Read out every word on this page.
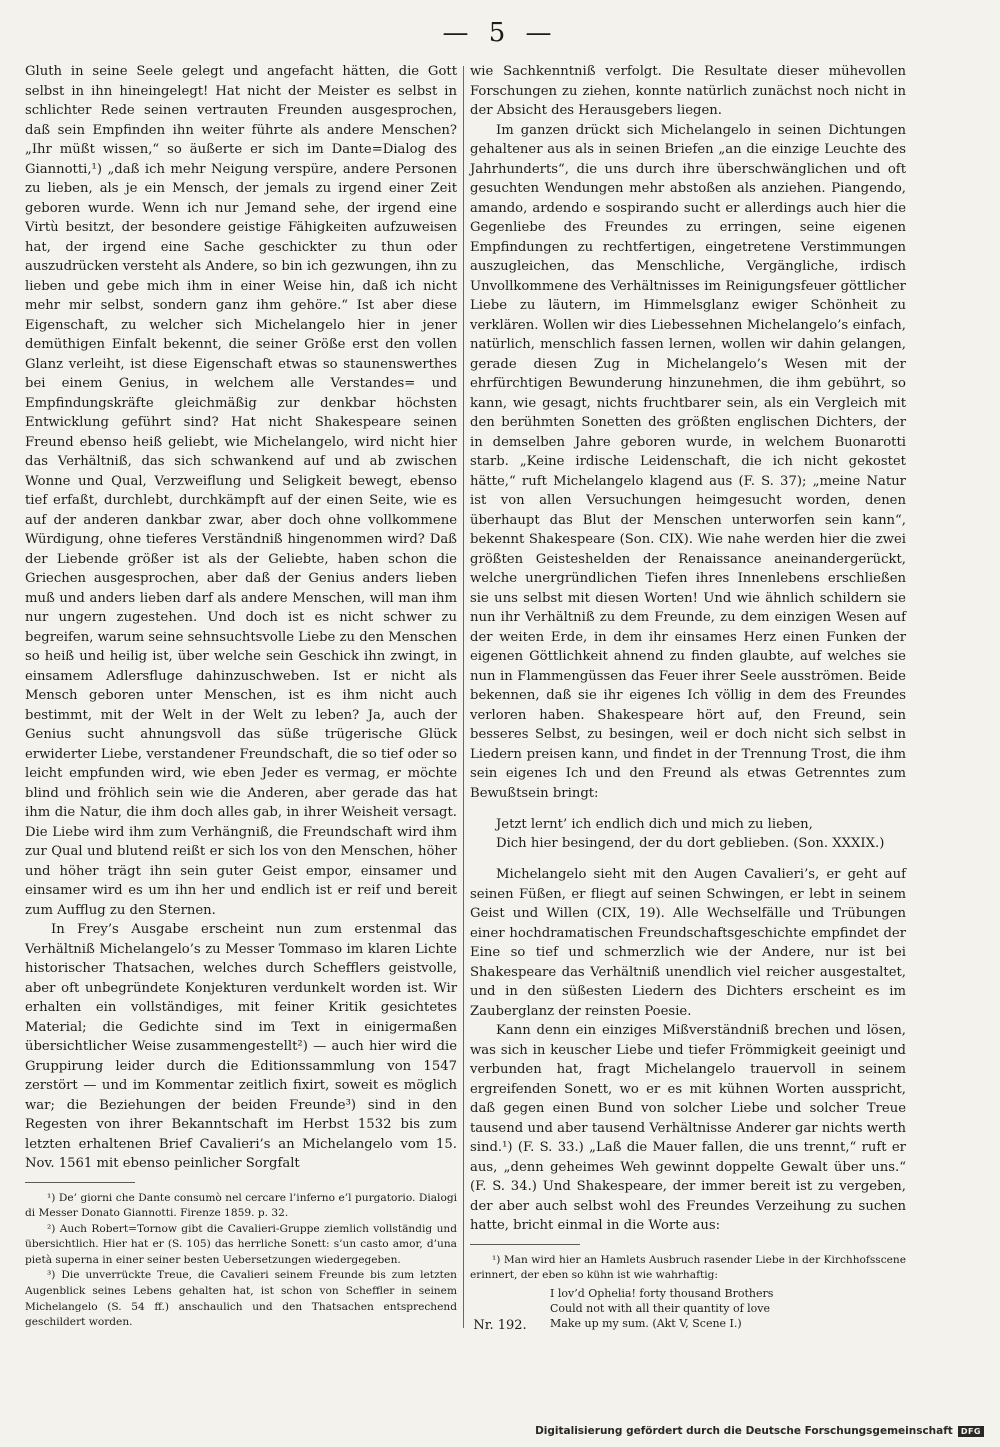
— 5 —

Gluth in seine Seele gelegt und angefacht hätten, die Gott selbst in ihn hineingelegt! Hat nicht der Meister es selbst in schlichter Rede seinen vertrauten Freunden ausgesprochen, daß sein Empfinden ihn weiter führte als andere Menschen? „Ihr müßt wissen,“ so äußerte er sich im Dante=Dialog des Giannotti,¹) „daß ich mehr Neigung verspüre, andere Personen zu lieben, als je ein Mensch, der jemals zu irgend einer Zeit geboren wurde. Wenn ich nur Jemand sehe, der irgend eine Virtù besitzt, der besondere geistige Fähigkeiten aufzuweisen hat, der irgend eine Sache geschickter zu thun oder auszudrücken versteht als Andere, so bin ich gezwungen, ihn zu lieben und gebe mich ihm in einer Weise hin, daß ich nicht mehr mir selbst, sondern ganz ihm gehöre.“ Ist aber diese Eigenschaft, zu welcher sich Michelangelo hier in jener demüthigen Einfalt bekennt, die seiner Größe erst den vollen Glanz verleiht, ist diese Eigenschaft etwas so staunenswerthes bei einem Genius, in welchem alle Verstandes= und Empfindungskräfte gleichmäßig zur denkbar höchsten Entwicklung geführt sind? Hat nicht Shakespeare seinen Freund ebenso heiß geliebt, wie Michelangelo, wird nicht hier das Verhältniß, das sich schwankend auf und ab zwischen Wonne und Qual, Verzweiflung und Seligkeit bewegt, ebenso tief erfaßt, durchlebt, durchkämpft auf der einen Seite, wie es auf der anderen dankbar zwar, aber doch ohne vollkommene Würdigung, ohne tieferes Verständniß hingenommen wird? Daß der Liebende größer ist als der Geliebte, haben schon die Griechen ausgesprochen, aber daß der Genius anders lieben muß und anders lieben darf als andere Menschen, will man ihm nur ungern zugestehen. Und doch ist es nicht schwer zu begreifen, warum seine sehnsuchtsvolle Liebe zu den Menschen so heiß und heilig ist, über welche sein Geschick ihn zwingt, in einsamem Adlersfluge dahinzuschweben. Ist er nicht als Mensch geboren unter Menschen, ist es ihm nicht auch bestimmt, mit der Welt in der Welt zu leben? Ja, auch der Genius sucht ahnungsvoll das süße trügerische Glück erwiderter Liebe, verstandener Freundschaft, die so tief oder so leicht empfunden wird, wie eben Jeder es vermag, er möchte blind und fröhlich sein wie die Anderen, aber gerade das hat ihm die Natur, die ihm doch alles gab, in ihrer Weisheit versagt. Die Liebe wird ihm zum Verhängniß, die Freundschaft wird ihm zur Qual und blutend reißt er sich los von den Menschen, höher und höher trägt ihn sein guter Geist empor, einsamer und einsamer wird es um ihn her und endlich ist er reif und bereit zum Aufflug zu den Sternen.

In Frey’s Ausgabe erscheint nun zum erstenmal das Verhältniß Michelangelo’s zu Messer Tommaso im klaren Lichte historischer Thatsachen, welches durch Schefflers geistvolle, aber oft unbegründete Konjekturen verdunkelt worden ist. Wir erhalten ein vollständiges, mit feiner Kritik gesichtetes Material; die Gedichte sind im Text in einigermaßen übersichtlicher Weise zusammengestellt²) — auch hier wird die Gruppirung leider durch die Editionssammlung von 1547 zerstört — und im Kommentar zeitlich fixirt, soweit es möglich war; die Beziehungen der beiden Freunde³) sind in den Regesten von ihrer Bekanntschaft im Herbst 1532 bis zum letzten erhaltenen Brief Cavalieri’s an Michelangelo vom 15. Nov. 1561 mit ebenso peinlicher Sorgfalt

¹) De’ giorni che Dante consumò nel cercare l’inferno e’l purgatorio. Dialogi di Messer Donato Giannotti. Firenze 1859. p. 32.

²) Auch Robert=Tornow gibt die Cavalieri-Gruppe ziemlich vollständig und übersichtlich. Hier hat er (S. 105) das herrliche Sonett: s’un casto amor, d’una pietà superna in einer seiner besten Uebersetzungen wiedergegeben.

³) Die unverrückte Treue, die Cavalieri seinem Freunde bis zum letzten Augenblick seines Lebens gehalten hat, ist schon von Scheffler in seinem Michelangelo (S. 54 ff.) anschaulich und den Thatsachen entsprechend geschildert worden.

wie Sachkenntniß verfolgt. Die Resultate dieser mühevollen Forschungen zu ziehen, konnte natürlich zunächst noch nicht in der Absicht des Herausgebers liegen.

Im ganzen drückt sich Michelangelo in seinen Dichtungen gehaltener aus als in seinen Briefen „an die einzige Leuchte des Jahrhunderts“, die uns durch ihre überschwänglichen und oft gesuchten Wendungen mehr abstoßen als anziehen. Piangendo, amando, ardendo e sospirando sucht er allerdings auch hier die Gegenliebe des Freundes zu erringen, seine eigenen Empfindungen zu rechtfertigen, eingetretene Verstimmungen auszugleichen, das Menschliche, Vergängliche, irdisch Unvollkommene des Verhältnisses im Reinigungsfeuer göttlicher Liebe zu läutern, im Himmelsglanz ewiger Schönheit zu verklären. Wollen wir dies Liebessehnen Michelangelo’s einfach, natürlich, menschlich fassen lernen, wollen wir dahin gelangen, gerade diesen Zug in Michelangelo’s Wesen mit der ehrfürchtigen Bewunderung hinzunehmen, die ihm gebührt, so kann, wie gesagt, nichts fruchtbarer sein, als ein Vergleich mit den berühmten Sonetten des größten englischen Dichters, der in demselben Jahre geboren wurde, in welchem Buonarotti starb. „Keine irdische Leidenschaft, die ich nicht gekostet hätte,“ ruft Michelangelo klagend aus (F. S. 37); „meine Natur ist von allen Versuchungen heimgesucht worden, denen überhaupt das Blut der Menschen unterworfen sein kann“, bekennt Shakespeare (Son. CIX). Wie nahe werden hier die zwei größten Geisteshelden der Renaissance aneinandergerückt, welche unergründlichen Tiefen ihres Innenlebens erschließen sie uns selbst mit diesen Worten! Und wie ähnlich schildern sie nun ihr Verhältniß zu dem Freunde, zu dem einzigen Wesen auf der weiten Erde, in dem ihr einsames Herz einen Funken der eigenen Göttlichkeit ahnend zu finden glaubte, auf welches sie nun in Flammengüssen das Feuer ihrer Seele ausströmen. Beide bekennen, daß sie ihr eigenes Ich völlig in dem des Freundes verloren haben. Shakespeare hört auf, den Freund, sein besseres Selbst, zu besingen, weil er doch nicht sich selbst in Liedern preisen kann, und findet in der Trennung Trost, die ihm sein eigenes Ich und den Freund als etwas Getrenntes zum Bewußtsein bringt:

Jetzt lernt’ ich endlich dich und mich zu lieben,
Dich hier besingend, der du dort geblieben. (Son. XXXIX.)

Michelangelo sieht mit den Augen Cavalieri’s, er geht auf seinen Füßen, er fliegt auf seinen Schwingen, er lebt in seinem Geist und Willen (CIX, 19). Alle Wechselfälle und Trübungen einer hochdramatischen Freundschaftsgeschichte empfindet der Eine so tief und schmerzlich wie der Andere, nur ist bei Shakespeare das Verhältniß unendlich viel reicher ausgestaltet, und in den süßesten Liedern des Dichters erscheint es im Zauberglanz der reinsten Poesie.

Kann denn ein einziges Mißverständniß brechen und lösen, was sich in keuscher Liebe und tiefer Frömmigkeit geeinigt und verbunden hat, fragt Michelangelo trauervoll in seinem ergreifenden Sonett, wo er es mit kühnen Worten ausspricht, daß gegen einen Bund von solcher Liebe und solcher Treue tausend und aber tausend Verhältnisse Anderer gar nichts werth sind.¹) (F. S. 33.) „Laß die Mauer fallen, die uns trennt,“ ruft er aus, „denn geheimes Weh gewinnt doppelte Gewalt über uns.“ (F. S. 34.) Und Shakespeare, der immer bereit ist zu vergeben, der aber auch selbst wohl des Freundes Verzeihung zu suchen hatte, bricht einmal in die Worte aus:

¹) Man wird hier an Hamlets Ausbruch rasender Liebe in der Kirchhofsscene erinnert, der eben so kühn ist wie wahrhaftig:

I lov’d Ophelia! forty thousand Brothers
Could not with all their quantity of love
Make up my sum. (Akt V, Scene I.)
Nr. 192.
Digitalisierung gefördert durch die Deutsche Forschungsgemeinschaft	DFG
